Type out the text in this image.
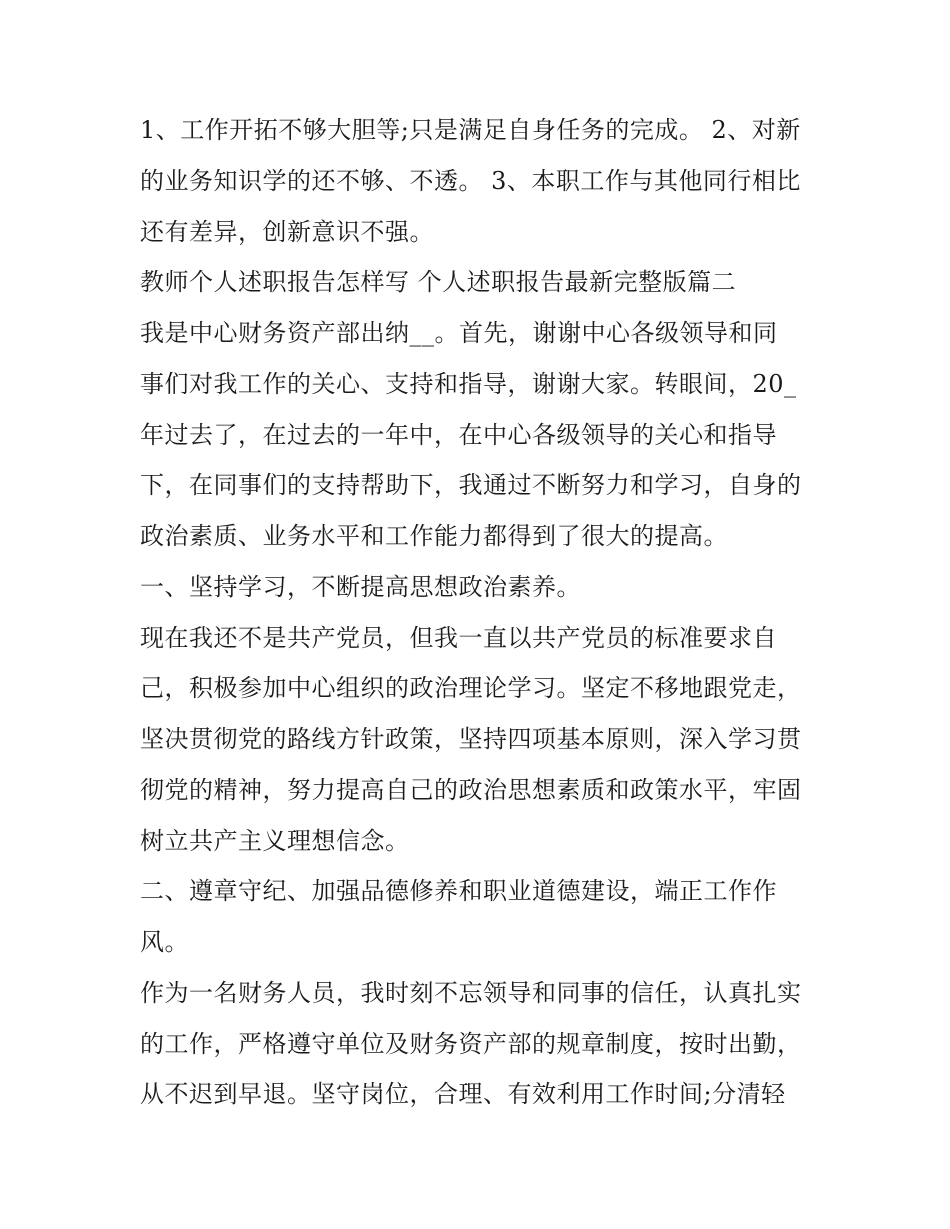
1、工作开拓不够大胆等;只是满足自身任务的完成。 2、对新
的业务知识学的还不够、不透。 3、本职工作与其他同行相比
还有差异，创新意识不强。
教师个人述职报告怎样写 个人述职报告最新完整版篇二
我是中心财务资产部出纳__。首先，谢谢中心各级领导和同
事们对我工作的关心、支持和指导，谢谢大家。转眼间，20_
年过去了，在过去的一年中，在中心各级领导的关心和指导
下，在同事们的支持帮助下，我通过不断努力和学习，自身的
政治素质、业务水平和工作能力都得到了很大的提高。
一、坚持学习，不断提高思想政治素养。
现在我还不是共产党员，但我一直以共产党员的标准要求自
己，积极参加中心组织的政治理论学习。坚定不移地跟党走，
坚决贯彻党的路线方针政策，坚持四项基本原则，深入学习贯
彻党的精神，努力提高自己的政治思想素质和政策水平，牢固
树立共产主义理想信念。
二、遵章守纪、加强品德修养和职业道德建设，端正工作作
风。
作为一名财务人员，我时刻不忘领导和同事的信任，认真扎实
的工作，严格遵守单位及财务资产部的规章制度，按时出勤，
从不迟到早退。坚守岗位，合理、有效利用工作时间;分清轻
